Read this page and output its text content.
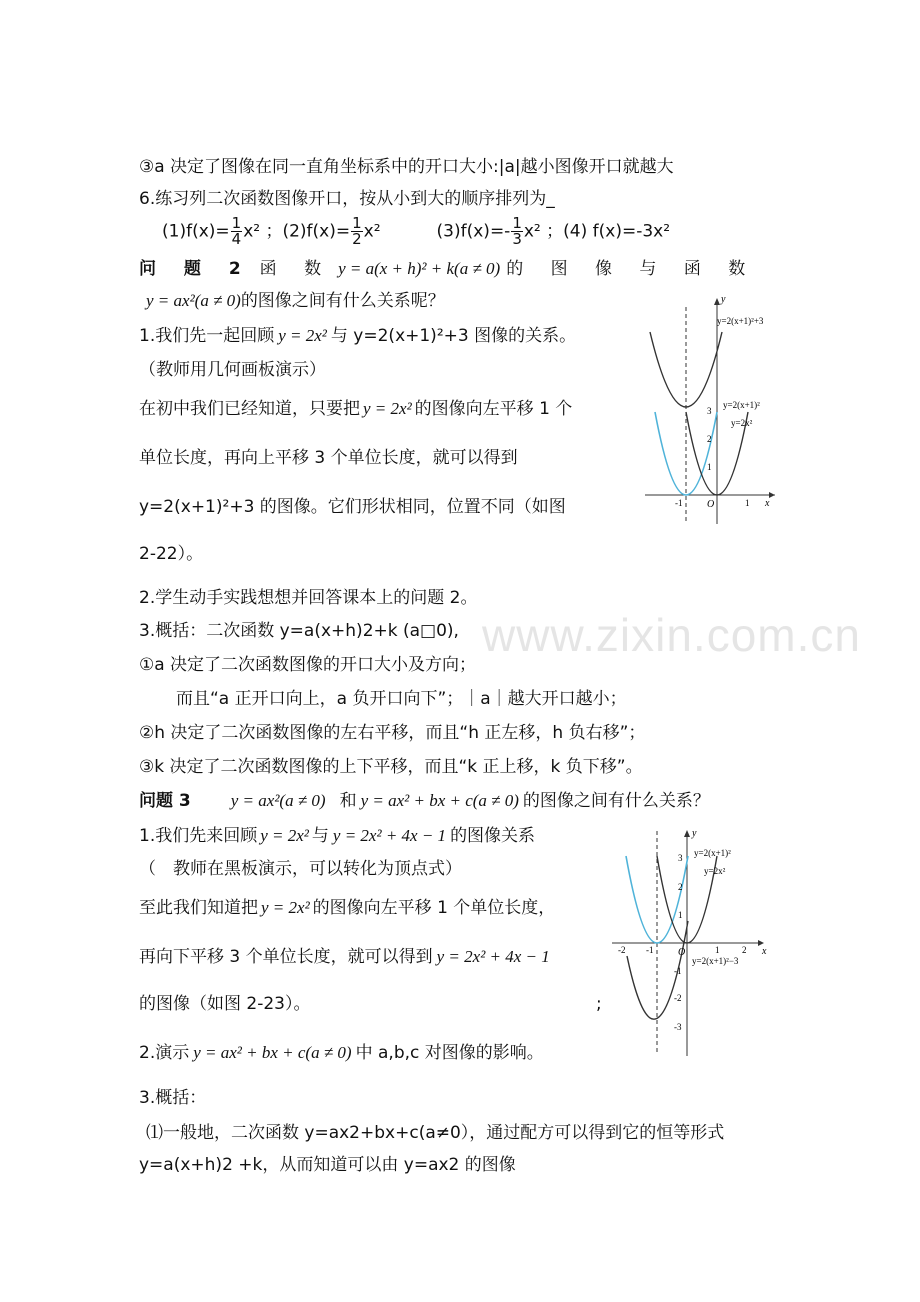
www.zixin.com.cn
③a 决定了图像在同一直角坐标系中的开口大小:|a|越小图像开口就越大
6.练习列二次函数图像开口，按从小到大的顺序排列为_
$(1)f(x)= \frac{1}{4} x^2$ ；$(2)f(x)= \frac{1}{2} x^2$	$(3)f(x)=- \frac{1}{3} x^2$ ；(4) f(x)=-3x²
问 题 2 函 数 y = a(x + h)² + k(a ≠ 0) 的 图 像 与 函 数
y = ax²(a ≠ 0)的图像之间有什么关系呢？
1.我们先一起回顾 y = 2x² 与 y=2(x+1)²+3 图像的关系。
（教师用几何画板演示）
在初中我们已经知道，只要把 y = 2x² 的图像向左平移 1 个
单位长度，再向上平移 3 个单位长度，就可以得到
y=2(x+1)²+3 的图像。它们形状相同，位置不同（如图
2-22）。
2.学生动手实践想想并回答课本上的问题 2。
3.概括：二次函数 y=a(x+h)2+k (a□0),
①a 决定了二次函数图像的开口大小及方向；
而且“a 正开口向上，a 负开口向下”；｜a｜越大开口越小；
②h 决定了二次函数图像的左右平移，而且“h 正左移，h 负右移”；
③k 决定了二次函数图像的上下平移，而且“k 正上移，k 负下移”。
问题 3 y = ax²(a ≠ 0) 和 y = ax² + bx + c(a ≠ 0) 的图像之间有什么关系？
1.我们先来回顾 y = 2x² 与 y = 2x² + 4x − 1 的图像关系
（　教师在黑板演示，可以转化为顶点式）
至此我们知道把 y = 2x² 的图像向左平移 1 个单位长度，
再向下平移 3 个单位长度，就可以得到 y = 2x² + 4x − 1
的图像（如图 2-23）。	;
2.演示 y = ax² + bx + c(a ≠ 0) 中 a,b,c 对图像的影响。
3.概括：
⑴一般地，二次函数 y=ax2+bx+c(a≠0），通过配方可以得到它的恒等形式
y=a(x+h)2 +k，从而知道可以由 y=ax2 的图像
y
x
y=2(x+1)²+3
y=2(x+1)²
y=2x²
3
2
1
-1 O	1
y
x
y=2(x+1)²
y=2x²
y=2(x+1)²−3
3
2
1
-2 -1 O	1	2
-1
-2
-3
